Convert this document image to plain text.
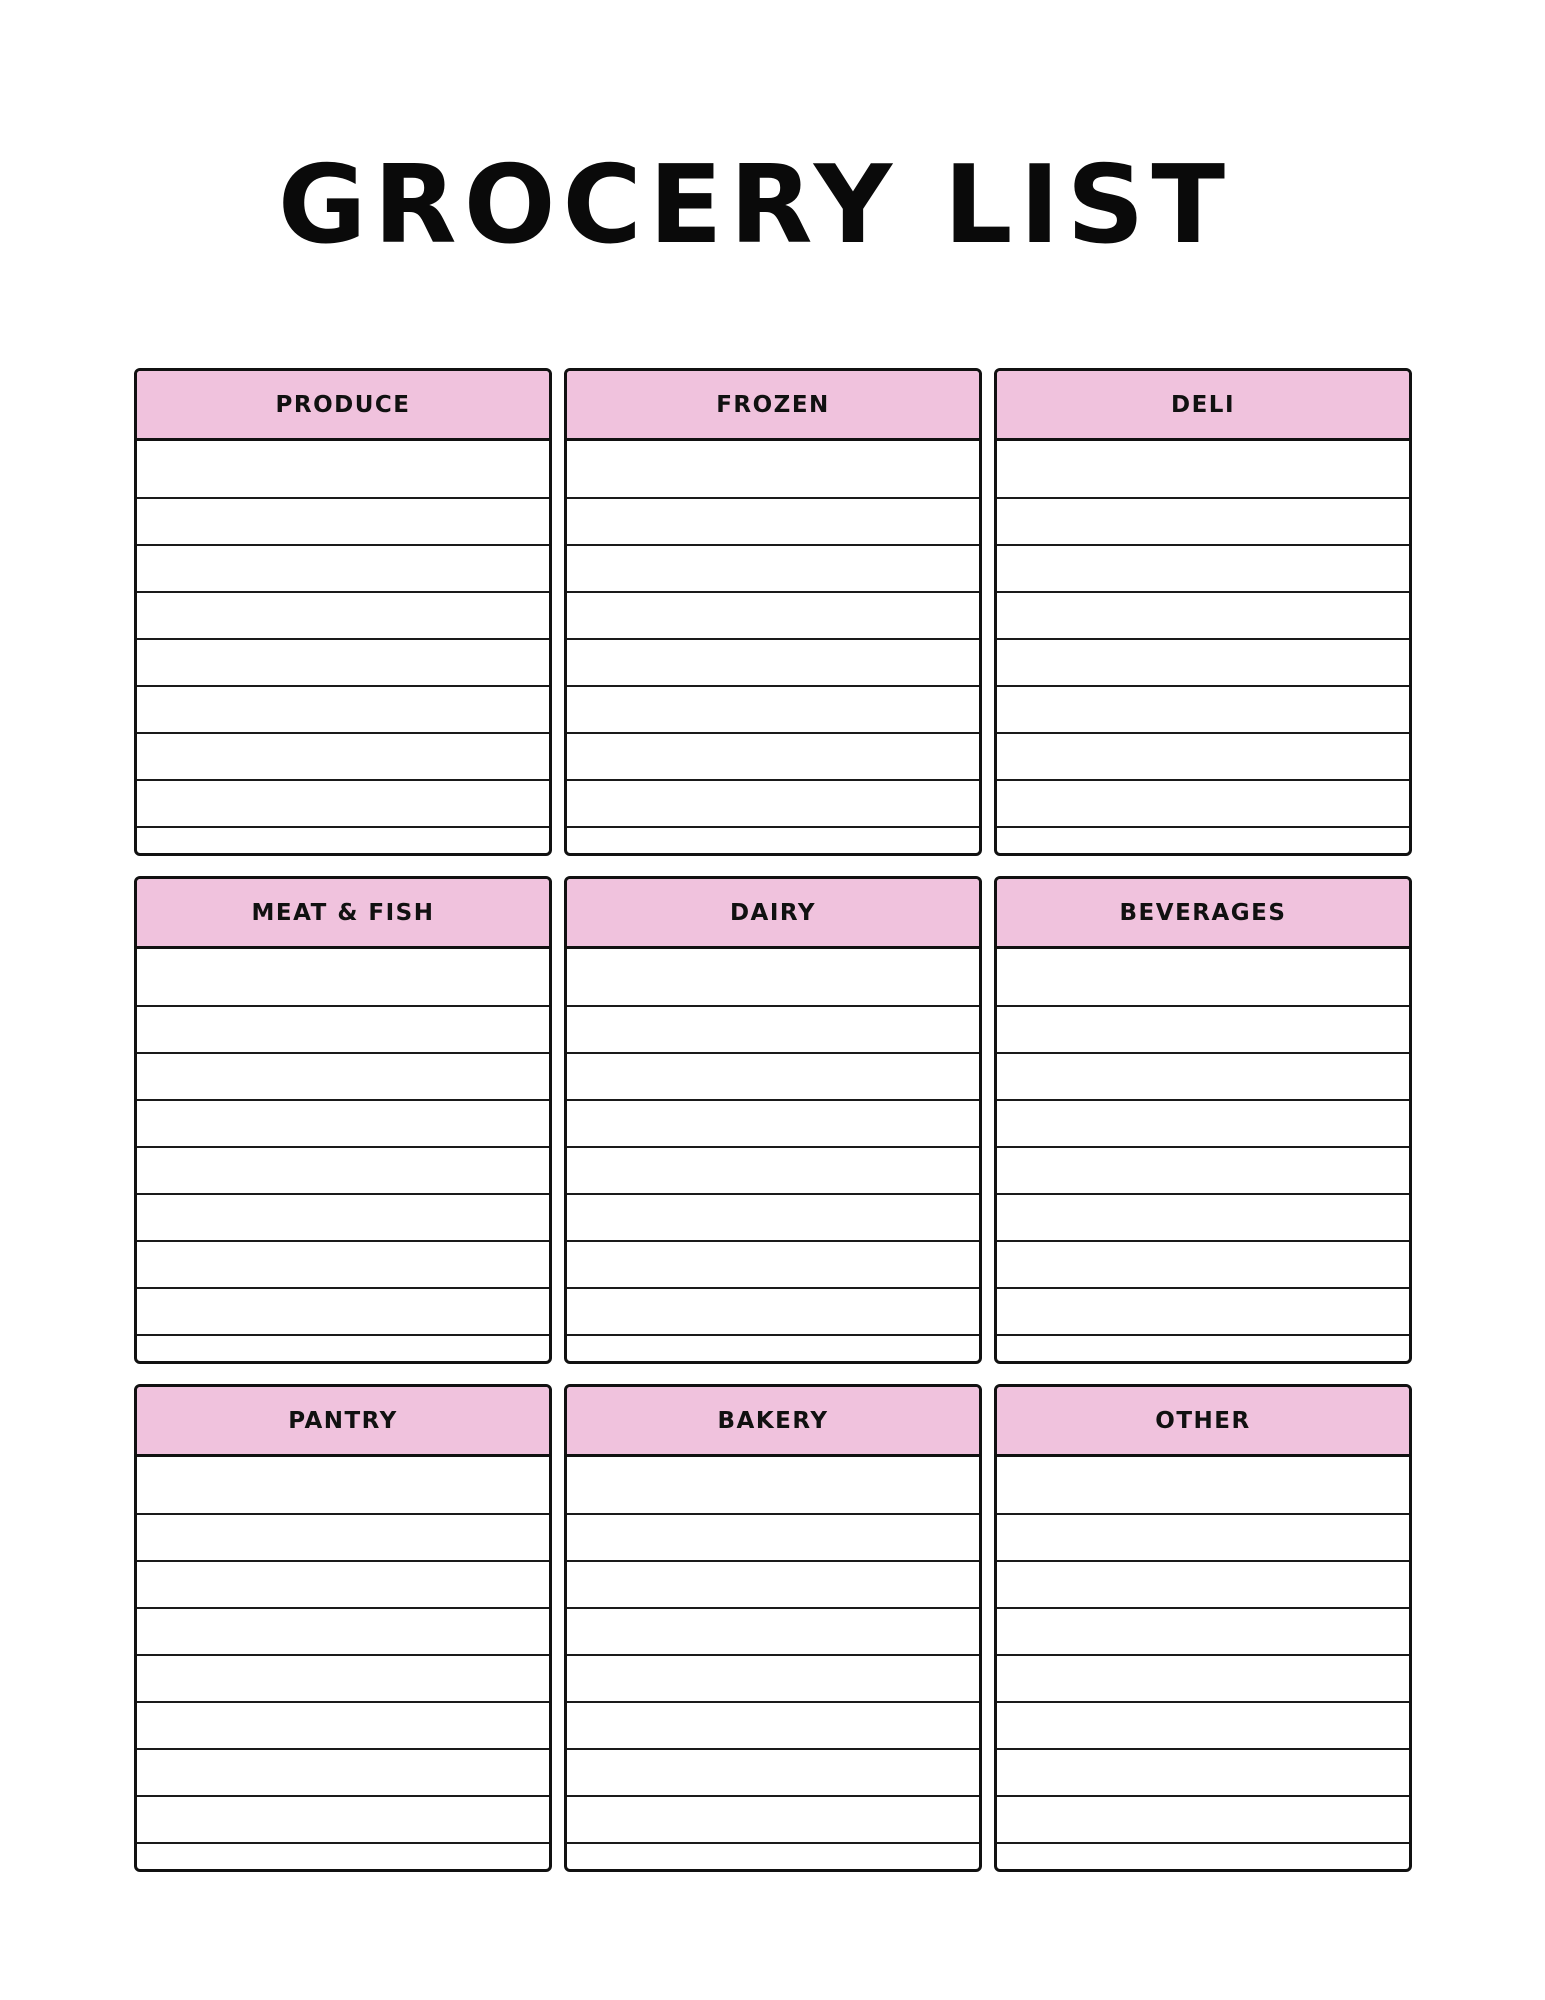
GROCERY LIST
PRODUCE	FROZEN	DELI
MEAT & FISH	DAIRY	BEVERAGES
PANTRY	BAKERY	OTHER
